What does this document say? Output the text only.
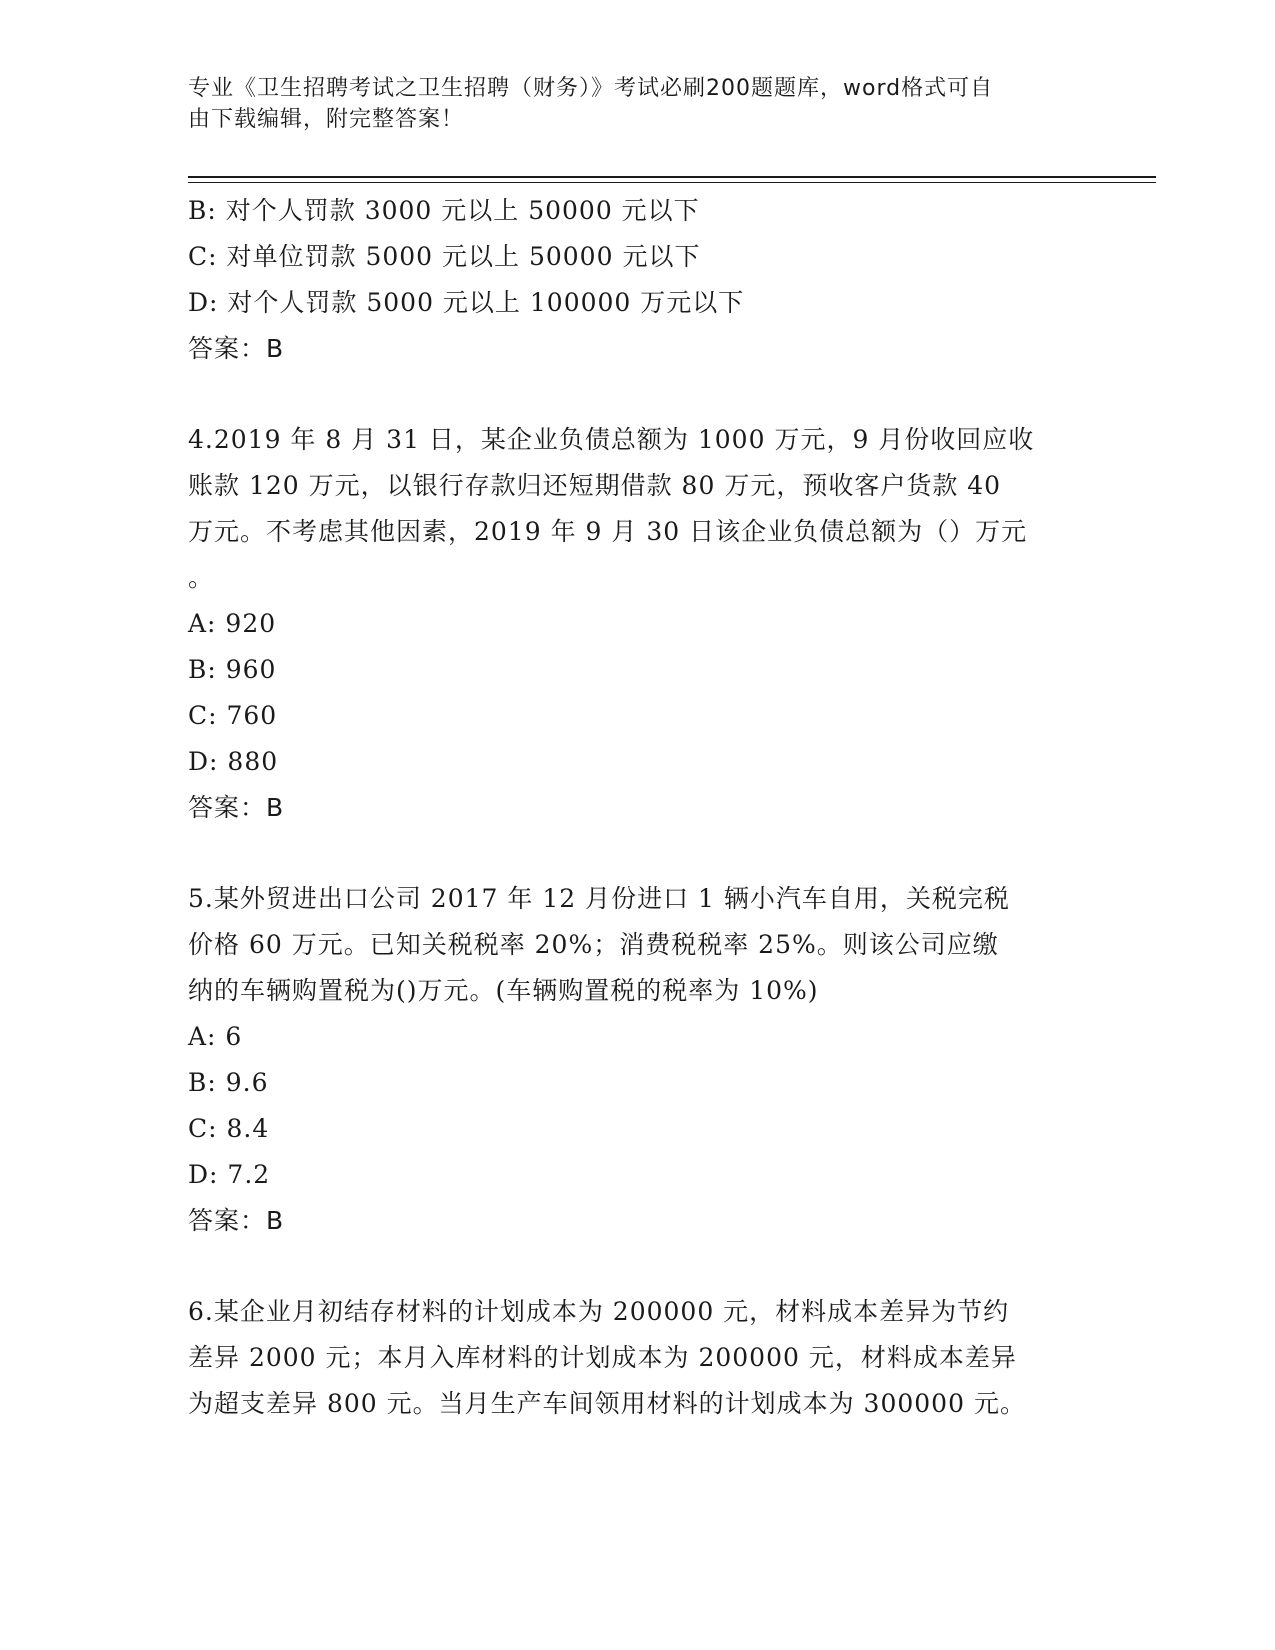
专业《卫生招聘考试之卫生招聘（财务）》考试必刷200题题库，word格式可自
由下载编辑，附完整答案！
B: 对个人罚款 3000 元以上 50000 元以下
C: 对单位罚款 5000 元以上 50000 元以下
D: 对个人罚款 5000 元以上 100000 万元以下
答案：B
4.2019 年 8 月 31 日，某企业负债总额为 1000 万元，9 月份收回应收
账款 120 万元，以银行存款归还短期借款 80 万元，预收客户货款 40
万元。不考虑其他因素，2019 年 9 月 30 日该企业负债总额为（）万元
。
A: 920
B: 960
C: 760
D: 880
答案：B
5.某外贸进出口公司 2017 年 12 月份进口 1 辆小汽车自用，关税完税
价格 60 万元。已知关税税率 20%；消费税税率 25%。则该公司应缴
纳的车辆购置税为()万元。(车辆购置税的税率为 10%)
A: 6
B: 9.6
C: 8.4
D: 7.2
答案：B
6.某企业月初结存材料的计划成本为 200000 元，材料成本差异为节约
差异 2000 元；本月入库材料的计划成本为 200000 元，材料成本差异
为超支差异 800 元。当月生产车间领用材料的计划成本为 300000 元。
